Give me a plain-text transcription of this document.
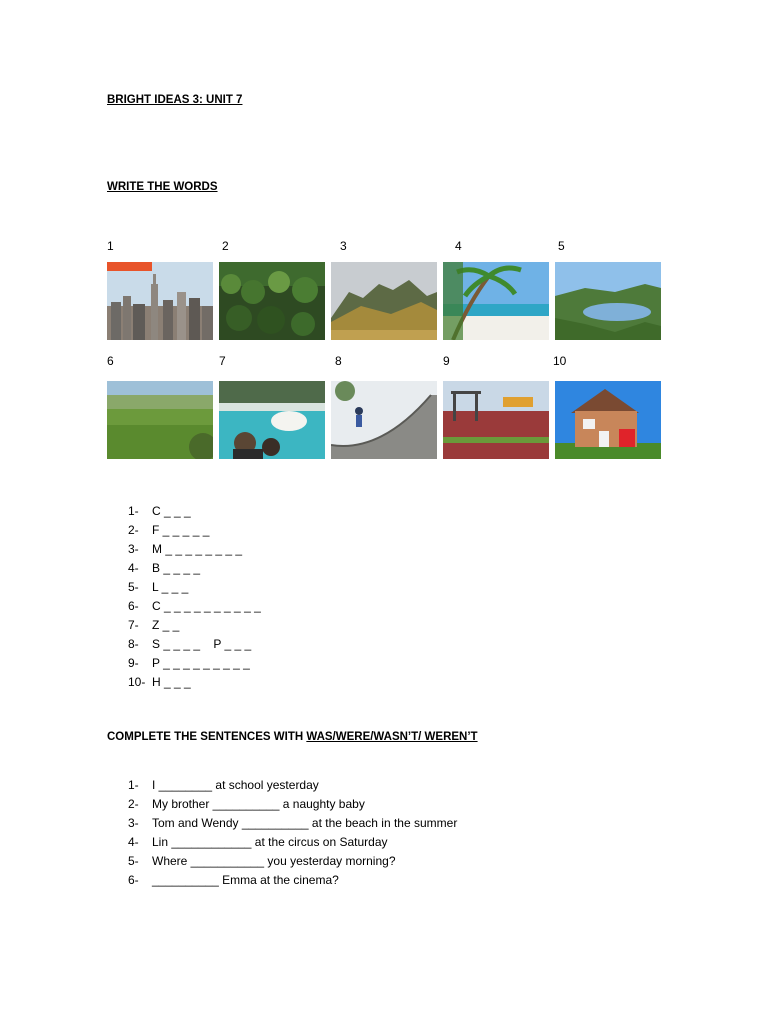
BRIGHT IDEAS 3: UNIT 7
WRITE THE WORDS
1	2	3	4	5
6	7	8	9	10
1-	C _ _ _
2-	F _ _ _ _ _
3-	M _ _ _ _ _ _ _ _
4-	B _ _ _ _
5-	L _ _ _
6-	C _ _ _ _ _ _ _ _ _ _
7-	Z _ _
8-	S _ _ _ _    P _ _ _
9-	P _ _ _ _ _ _ _ _ _
10- H _ _ _
COMPLETE THE SENTENCES WITH WAS/WERE/WASN’T/ WEREN’T
1-	I ________ at school yesterday
2-	My brother __________ a naughty baby
3-	Tom and Wendy __________ at the beach in the summer
4-	Lin ____________ at the circus on Saturday
5-	Where ___________ you yesterday morning?
6-	__________ Emma at the cinema?
